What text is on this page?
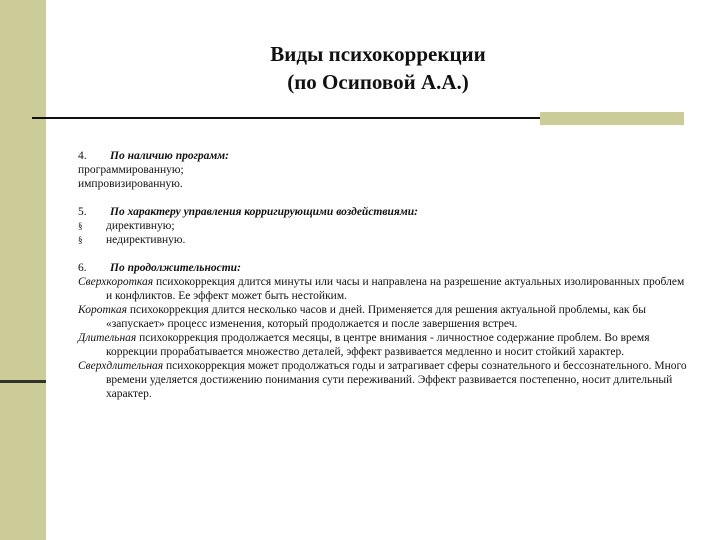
Виды психокоррекции
(по Осиповой А.А.)
4. По наличию программ:
программированную;
импровизированную.
5. По характеру управления корригирующими воздействиями:
§ директивную;
§ недирективную.
6. По продолжительности:
Сверхкороткая психокоррекция длится минуты или часы и направлена на разрешение актуальных изолированных проблем и конфликтов. Ее эффект может быть нестойким.
Короткая психокоррекция длится несколько часов и дней. Применяется для решения актуальной проблемы, как бы «запускает» процесс изменения, который продолжается и после завершения встреч.
Длительная психокоррекция продолжается месяцы, в центре внимания - личностное содержание проблем. Во время коррекции прорабатывается множество деталей, эффект развивается медленно и носит стойкий характер.
Сверхдлительная психокоррекция может продолжаться годы и затрагивает сферы сознательного и бессознательного. Много времени уделяется достижению понимания сути переживаний. Эффект развивается постепенно, носит длительный характер.
